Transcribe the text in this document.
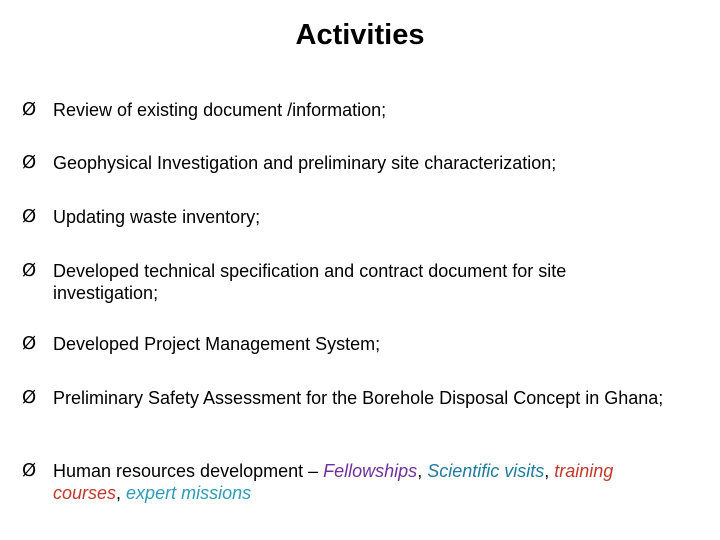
Activities
Ø Review of existing document /information;
Ø Geophysical Investigation and preliminary site characterization;
Ø Updating waste inventory;
Ø Developed technical specification and contract document for site investigation;
Ø Developed Project Management System;
Ø Preliminary Safety Assessment for the Borehole Disposal Concept in Ghana;
Ø Human resources development – Fellowships, Scientific visits, training courses, expert missions
